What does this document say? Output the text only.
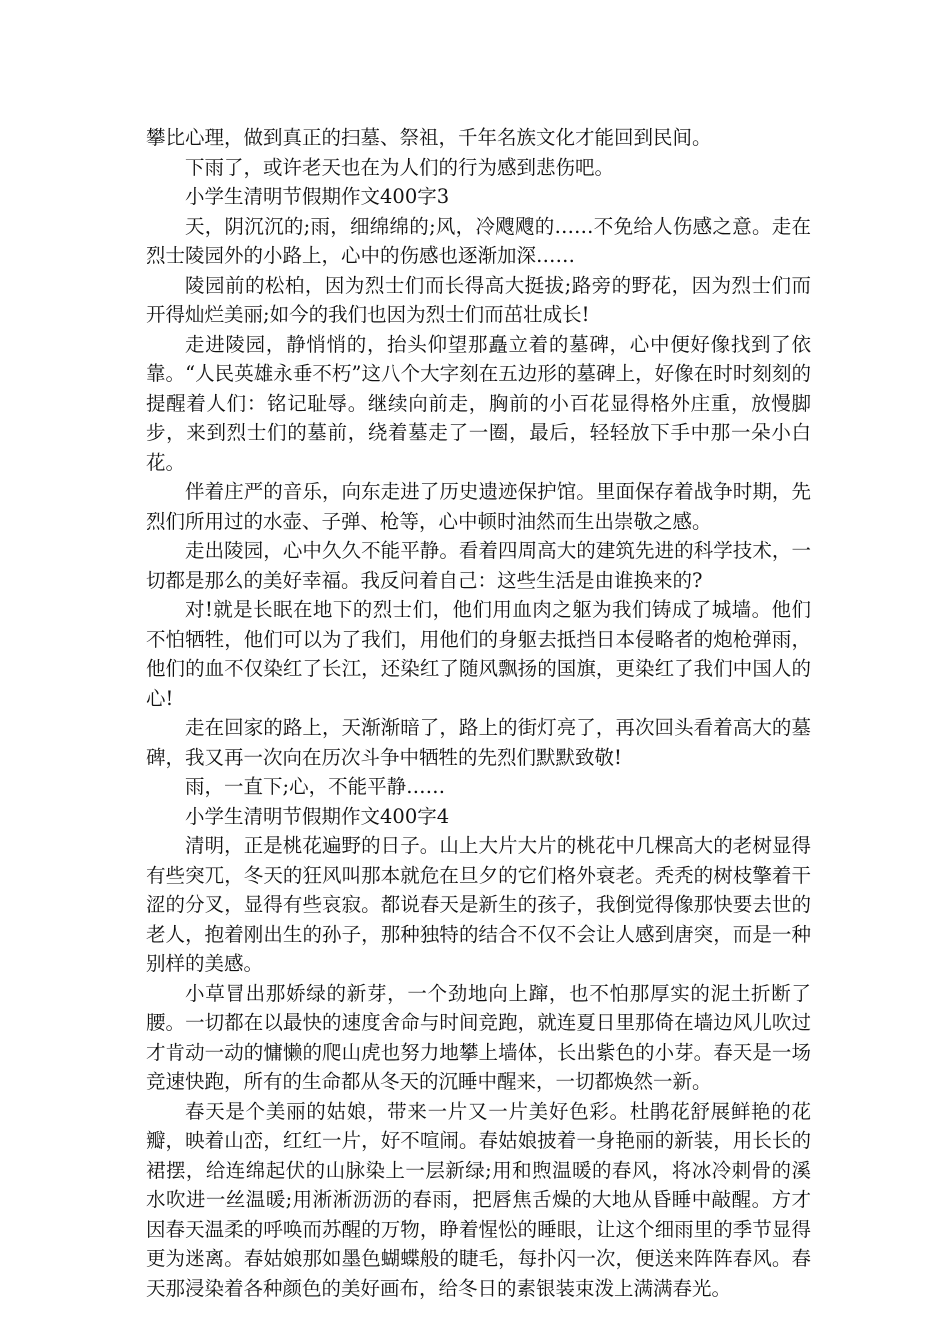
攀比心理，做到真正的扫墓、祭祖，千年名族文化才能回到民间。

下雨了，或许老天也在为人们的行为感到悲伤吧。

小学生清明节假期作文400字3

天，阴沉沉的;雨，细绵绵的;风，冷飕飕的……不免给人伤感之意。走在烈士陵园外的小路上，心中的伤感也逐渐加深……

陵园前的松柏，因为烈士们而长得高大挺拔;路旁的野花，因为烈士们而开得灿烂美丽;如今的我们也因为烈士们而茁壮成长!

走进陵园，静悄悄的，抬头仰望那矗立着的墓碑，心中便好像找到了依靠。“人民英雄永垂不朽”这八个大字刻在五边形的墓碑上，好像在时时刻刻的提醒着人们：铭记耻辱。继续向前走，胸前的小百花显得格外庄重，放慢脚步，来到烈士们的墓前，绕着墓走了一圈，最后，轻轻放下手中那一朵小白花。

伴着庄严的音乐，向东走进了历史遗迹保护馆。里面保存着战争时期，先烈们所用过的水壶、子弹、枪等，心中顿时油然而生出崇敬之感。

走出陵园，心中久久不能平静。看着四周高大的建筑先进的科学技术，一切都是那么的美好幸福。我反问着自己：这些生活是由谁换来的?

对!就是长眠在地下的烈士们，他们用血肉之躯为我们铸成了城墙。他们不怕牺牲，他们可以为了我们，用他们的身躯去抵挡日本侵略者的炮枪弹雨，他们的血不仅染红了长江，还染红了随风飘扬的国旗，更染红了我们中国人的心!

走在回家的路上，天渐渐暗了，路上的街灯亮了，再次回头看着高大的墓碑，我又再一次向在历次斗争中牺牲的先烈们默默致敬!

雨，一直下;心，不能平静……

小学生清明节假期作文400字4

清明，正是桃花遍野的日子。山上大片大片的桃花中几棵高大的老树显得有些突兀，冬天的狂风叫那本就危在旦夕的它们格外衰老。秃秃的树枝擎着干涩的分叉，显得有些哀寂。都说春天是新生的孩子，我倒觉得像那快要去世的老人，抱着刚出生的孙子，那种独特的结合不仅不会让人感到唐突，而是一种别样的美感。

小草冒出那娇绿的新芽，一个劲地向上蹿，也不怕那厚实的泥土折断了腰。一切都在以最快的速度舍命与时间竞跑，就连夏日里那倚在墙边风儿吹过才肯动一动的慵懒的爬山虎也努力地攀上墙体，长出紫色的小芽。春天是一场竞速快跑，所有的生命都从冬天的沉睡中醒来，一切都焕然一新。

春天是个美丽的姑娘，带来一片又一片美好色彩。杜鹃花舒展鲜艳的花瓣，映着山峦，红红一片，好不喧闹。春姑娘披着一身艳丽的新装，用长长的裙摆，给连绵起伏的山脉染上一层新绿;用和煦温暖的春风，将冰冷刺骨的溪水吹进一丝温暖;用淅淅沥沥的春雨，把唇焦舌燥的大地从昏睡中敲醒。方才因春天温柔的呼唤而苏醒的万物，睁着惺忪的睡眼，让这个细雨里的季节显得更为迷离。春姑娘那如墨色蝴蝶般的睫毛，每扑闪一次，便送来阵阵春风。春天那浸染着各种颜色的美好画布，给冬日的素银装束泼上满满春光。
